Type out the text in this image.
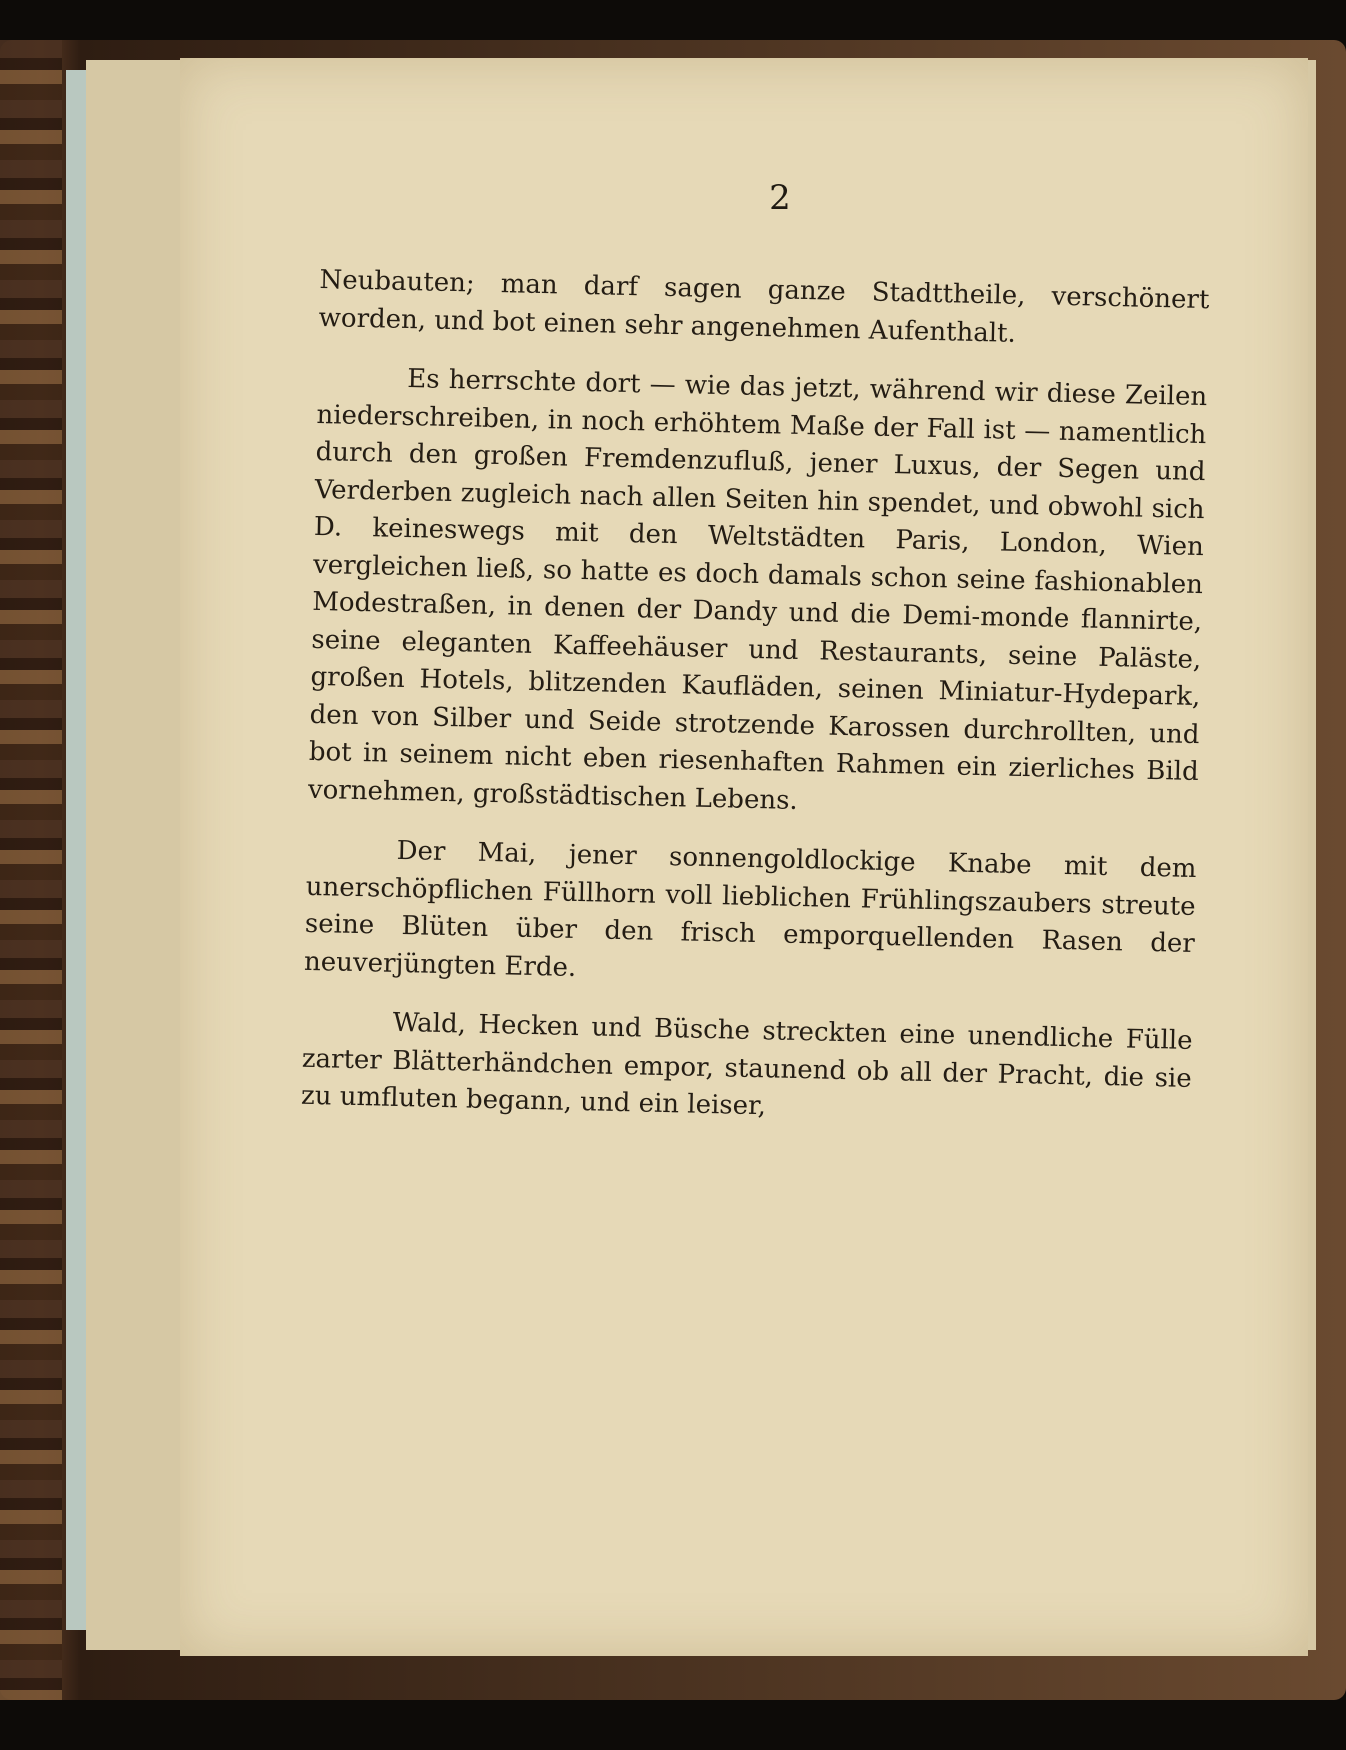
2

Neubauten; man darf sagen ganze Stadttheile, verschönert worden, und bot einen sehr angenehmen Aufenthalt.

Es herrschte dort — wie das jetzt, während wir diese Zeilen niederschreiben, in noch erhöhtem Maße der Fall ist — namentlich durch den großen Fremdenzufluß, jener Luxus, der Segen und Verderben zugleich nach allen Seiten hin spendet, und obwohl sich D. keineswegs mit den Weltstädten Paris, London, Wien vergleichen ließ, so hatte es doch damals schon seine fashionablen Modestraßen, in denen der Dandy und die Demi-monde flannirte, seine eleganten Kaffeehäuser und Restaurants, seine Paläste, großen Hotels, blitzenden Kaufläden, seinen Miniatur-Hydepark, den von Silber und Seide strotzende Karossen durchrollten, und bot in seinem nicht eben riesenhaften Rahmen ein zierliches Bild vornehmen, großstädtischen Lebens.

Der Mai, jener sonnengoldlockige Knabe mit dem unerschöpflichen Füllhorn voll lieblichen Frühlingszaubers streute seine Blüten über den frisch emporquellenden Rasen der neuverjüngten Erde.

Wald, Hecken und Büsche streckten eine unendliche Fülle zarter Blätterhändchen empor, staunend ob all der Pracht, die sie zu umfluten begann, und ein leiser,
